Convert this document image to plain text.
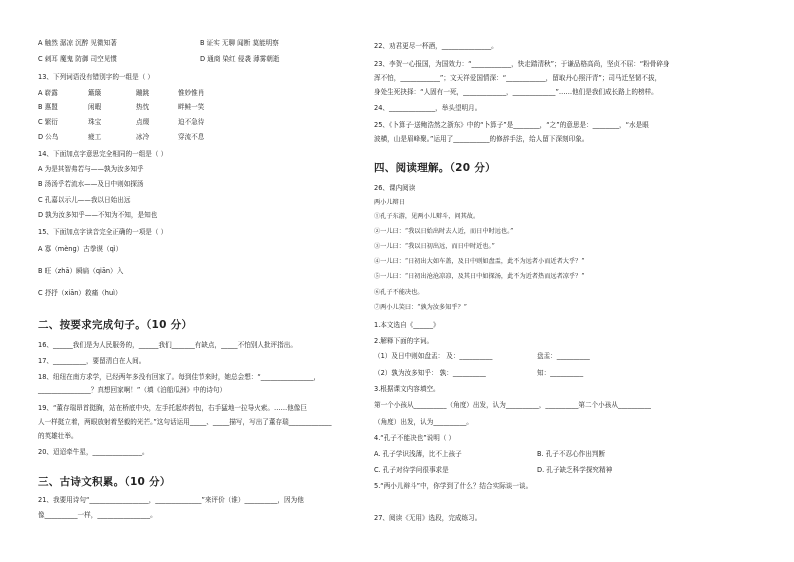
A 触然 潺凉 沉醉 见微知著	B 证实 无聊 闻断 莫能明察
C 刺耳 魔鬼 防御 司空见惯	D 通商 染红 侵袭 薄雾朝逝
13、下列词语没有错别字的一组是（ ）
A 崭露	簸簸	蹦跳	惟妙惟肖
B 惠盟	闲暇	热忱	畔鲑一笑
C 繁衍	珠宝	点缀	迫不急待
D 公鸟	疲工	冰冷	穿流不息
14、下面加点字意思完全相同的一组是（ ）
A 为是其智弗若与——孰为汝多知乎
B 汤汤乎若流水——及日中则如探汤
C 孔嘉以示儿——我以日始出远
D 孰为汝多知乎——不知为不知，是知也
15、下面加点字读音完全正确的一项是（ ）
A 寡（mèng）古拳谟（qì）
B 旺（zhā）瞬扁（qiān）入
C 抒抒（xiān）救痛（huì）
二、按要求完成句子。（10 分）
16、______我们是为人民服务的，______我们_______有缺点，_____不怕别人批评指出。
17、__________，要留清白在人间。
18、纽纽在南方求学，已经两年多没有回家了。每到佳节来时，她总会想：“________________，
________________？真想回家啊！”（填《泊船瓜洲》中的诗句）
19、“董存瑞昂首挺胸，站在桥底中央，左手托起炸药包，右手猛地一拉导火索。……他像巨
人一样挺立着，两眼放射着坚毅的光芒。”这句话运用_____、_____描写，写出了董存瑞_____________
的英雄壮举。
20、迢迢牵牛星，_______________。
三、古诗文积累。（10 分）
21、我要用诗句“__________________，______________”来评价（谁）__________，因为他
像__________一样，________________。
22、劝君更尽一杯酒，_______________。
23、李贺一心报国，为国效力：“____________，快走踏清秋”；于谦品格高尚，坚贞不屈：“粉骨碎身
浑不怕，____________”；文天祥爱国情深：“____________，留取丹心照汗青”；司马迁坚韧不拔，
身处生死抉择：“人固有一死，_____________，_____________”……他们是我们成长路上的榜样。
24、______________，举头望明月。
25、《卜算子·送鲍浩然之浙东》中的“卜算子”是________，“之”的意思是：________，“水是眼
波横，山是眉峰聚。”运用了___________的修辞手法，给人留下深刻印象。
四、阅读理解。（20 分）
26、课内阅读
两小儿辩日
①孔子东游，见两小儿辩斗，问其故。
②一儿曰：“我以日始出时去人近，而日中时远也。”
③一儿曰：“我以日初出远，而日中时近也。”
④一儿曰：“日初出大如车盖，及日中则如盘盂，此不为远者小而近者大乎？”
⑤一儿曰：“日初出沧沧凉凉，及其日中如探汤，此不为近者热而远者凉乎？”
⑥孔子不能决也。
⑦两小儿笑曰：“孰为汝多知乎？”
1.本文选自《______》
2.解释下面的字词。
（1）及日中则如盘盂： 及：__________	盘盂：__________
（2）孰为汝多知乎： 孰：__________	知：__________
3.根据课文内容填空。
第一个小孩从__________（角度）出发，认为__________，__________第二个小孩从__________
（角度）出发，认为__________。
4.“孔子不能决也”说明（ ）
A. 孔子学识浅薄，比不上孩子	B. 孔子不忍心作出判断
C. 孔子对待学问很事求是	D. 孔子缺乏科学探究精神
5.“两小儿辩斗”中，你学到了什么？结合实际谈一谈。
27、阅读《无用》选段，完成练习。
